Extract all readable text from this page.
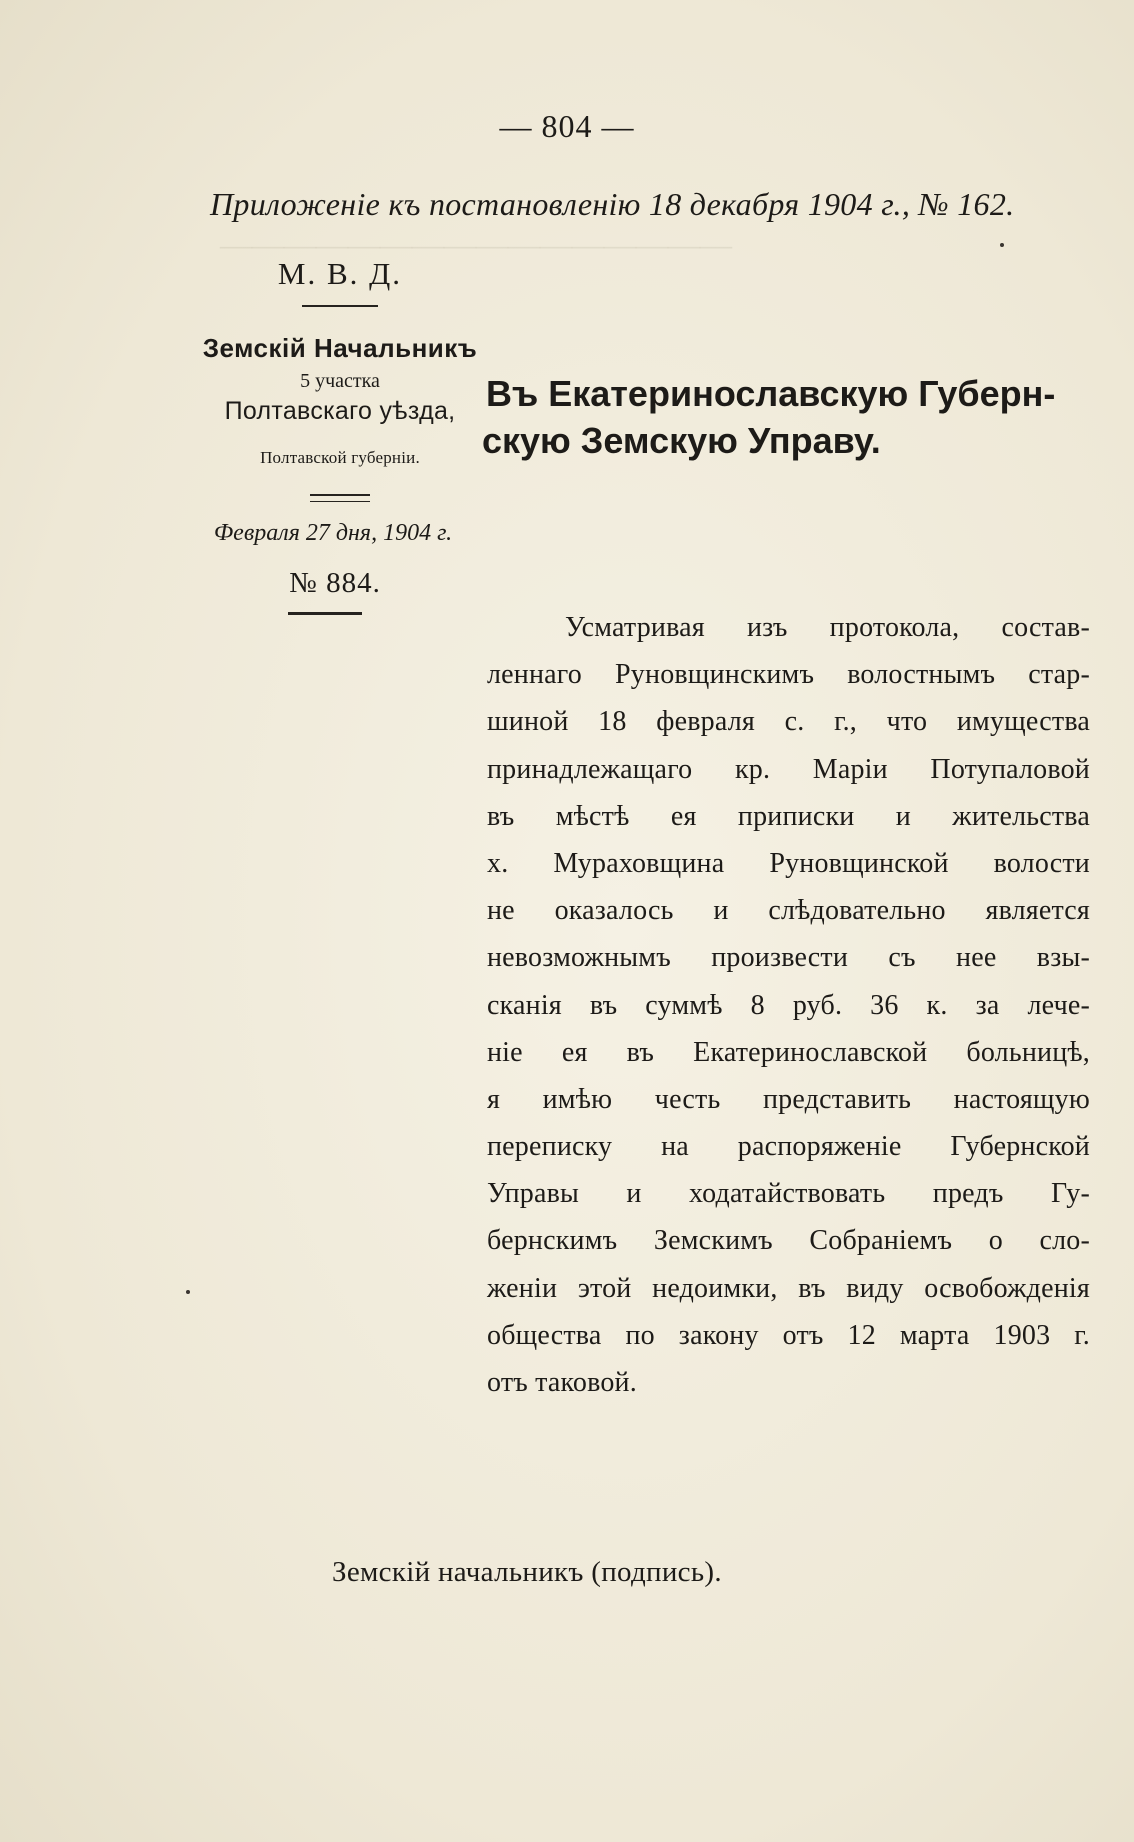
――――――――――――――――
— 804 —
Приложеніе къ постановленію 18 декабря 1904 г., № 162.
М. В. Д.
Земскій Начальникъ
5 участка
Полтавскаго уѣзда,
Полтавской губерніи.
Февраля 27 дня, 1904 г.
№ 884.
Въ Екатеринославскую Губерн-
скую Земскую Управу.
Усматривая изъ протокола, состав-
леннаго Руновщинскимъ волостнымъ стар-
шиной 18 февраля с. г., что имущества
принадлежащаго кр. Маріи Потупаловой
въ мѣстѣ ея приписки и жительства
х. Мураховщина Руновщинской волости
не оказалось и слѣдовательно является
невозможнымъ произвести съ нее взы-
сканія въ суммѣ 8 руб. 36 к. за лече-
ніе ея въ Екатеринославской больницѣ,
я имѣю честь представить настоящую
переписку на распоряженіе Губернской
Управы и ходатайствовать предъ Гу-
бернскимъ Земскимъ Собраніемъ о сло-
женіи этой недоимки, въ виду освобожденія
общества по закону отъ 12 марта 1903 г.
отъ таковой.
Земскій начальникъ (подпись).
